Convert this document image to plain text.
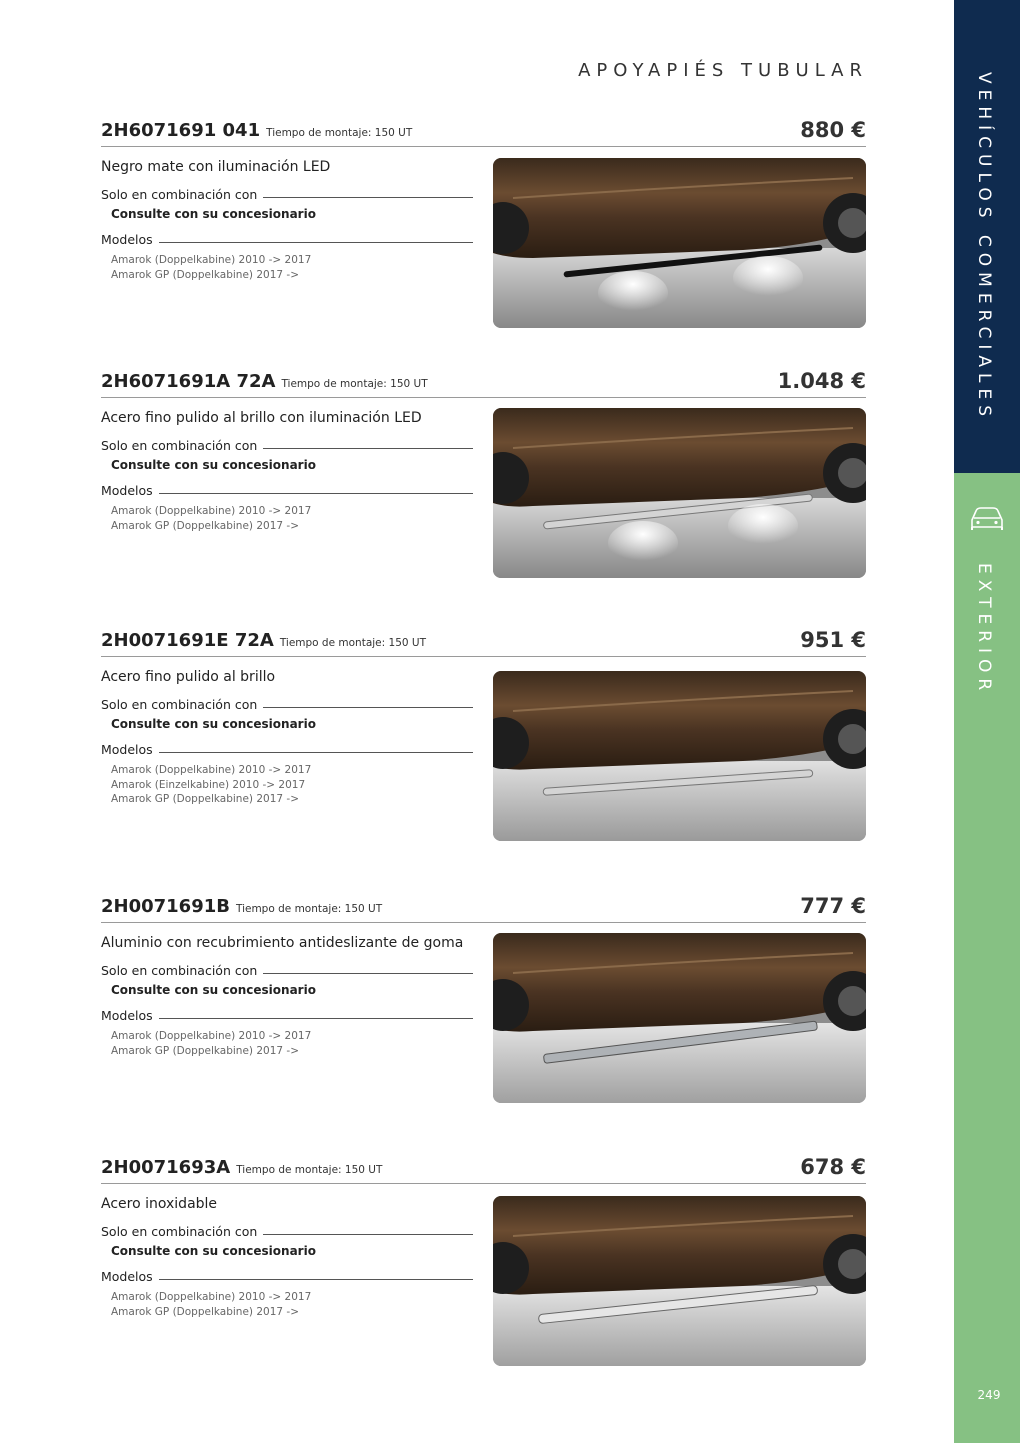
VEHÍCULOS COMERCIALES
EXTERIOR
249
APOYAPIÉS TUBULAR
2H6071691 041 Tiempo de montaje: 150 UT	880 €
Negro mate con iluminación LED
Solo en combinación con
Consulte con su concesionario
Modelos
Amarok (Doppelkabine) 2010 -> 2017
Amarok GP (Doppelkabine) 2017 ->
2H6071691A 72A Tiempo de montaje: 150 UT	1.048 €
Acero fino pulido al brillo con iluminación LED
Solo en combinación con
Consulte con su concesionario
Modelos
Amarok (Doppelkabine) 2010 -> 2017
Amarok GP (Doppelkabine) 2017 ->
2H0071691E 72A Tiempo de montaje: 150 UT	951 €
Acero fino pulido al brillo
Solo en combinación con
Consulte con su concesionario
Modelos
Amarok (Doppelkabine) 2010 -> 2017
Amarok (Einzelkabine) 2010 -> 2017
Amarok GP (Doppelkabine) 2017 ->
2H0071691B Tiempo de montaje: 150 UT	777 €
Aluminio con recubrimiento antideslizante de goma
Solo en combinación con
Consulte con su concesionario
Modelos
Amarok (Doppelkabine) 2010 -> 2017
Amarok GP (Doppelkabine) 2017 ->
2H0071693A Tiempo de montaje: 150 UT	678 €
Acero inoxidable
Solo en combinación con
Consulte con su concesionario
Modelos
Amarok (Doppelkabine) 2010 -> 2017
Amarok GP (Doppelkabine) 2017 ->
